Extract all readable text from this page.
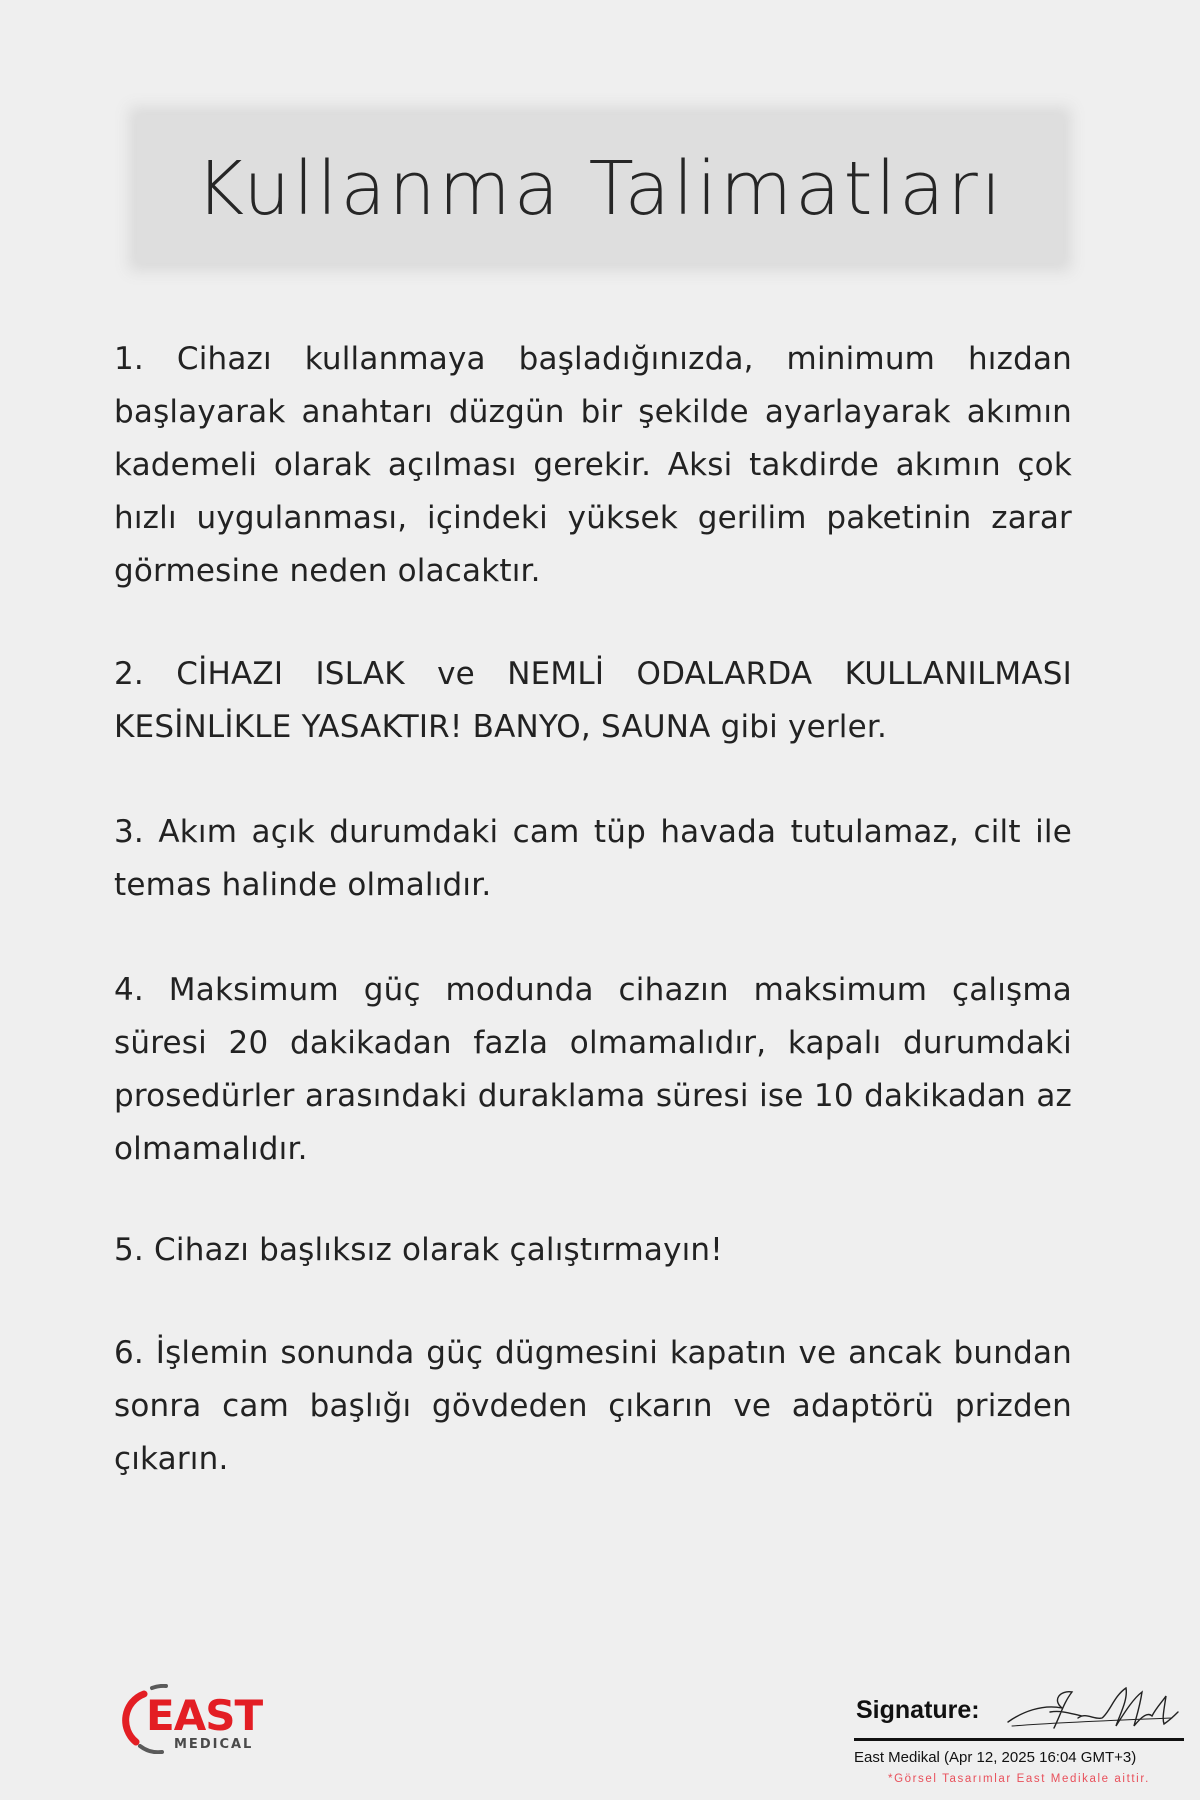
Kullanma Talimatları
1. Cihazı kullanmaya başladığınızda, minimum hızdan başlayarak anahtarı düzgün bir şekilde ayarlayarak akımın kademeli olarak açılması gerekir. Aksi takdirde akımın çok hızlı uygulanması, içindeki yüksek gerilim paketinin zarar görmesine neden olacaktır.
2. CİHAZI ISLAK ve NEMLİ ODALARDA KULLANILMASI KESİNLİKLE YASAKTIR! BANYO, SAUNA gibi yerler.
3. Akım açık durumdaki cam tüp havada tutulamaz, cilt ile temas halinde olmalıdır.
4. Maksimum güç modunda cihazın maksimum çalışma süresi 20 dakikadan fazla olmamalıdır, kapalı durumdaki prosedürler arasındaki duraklama süresi ise 10 dakikadan az olmamalıdır.
5. Cihazı başlıksız olarak çalıştırmayın!
6. İşlemin sonunda güç dügmesini kapatın ve ancak bundan sonra cam başlığı gövdeden çıkarın ve adaptörü prizden çıkarın.
EAST
MEDICAL
Signature:
East Medikal (Apr 12, 2025 16:04 GMT+3)
*Görsel Tasarımlar East Medikale aittir.
